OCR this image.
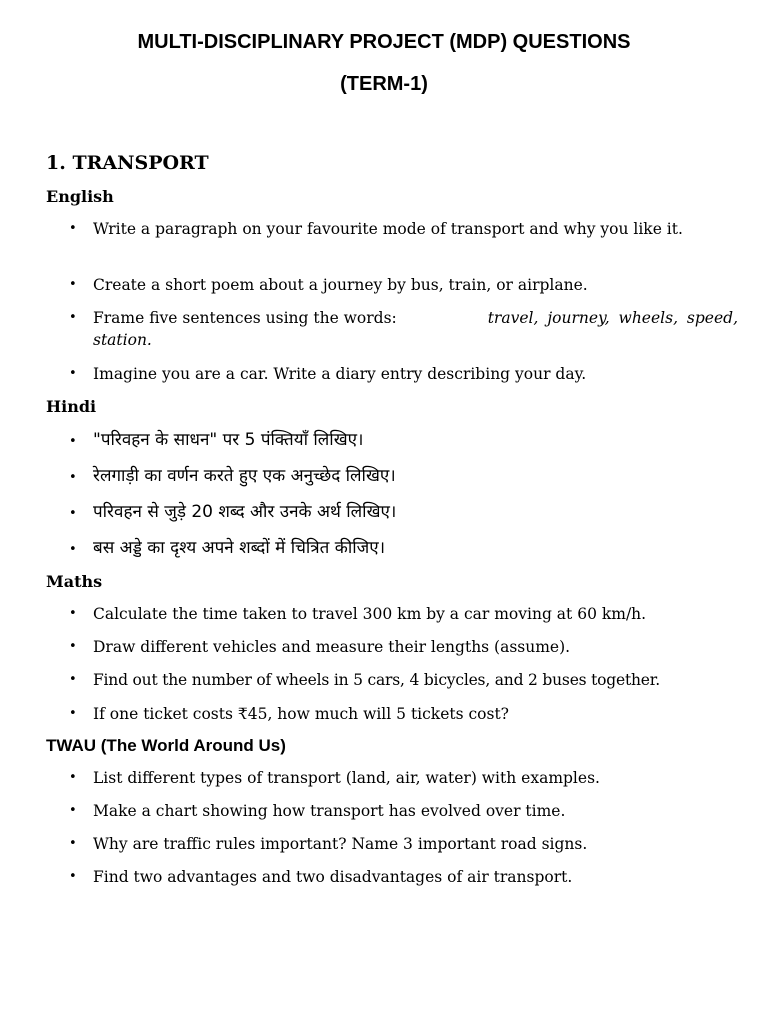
MULTI-DISCIPLINARY PROJECT (MDP) QUESTIONS
(TERM-1)
1. TRANSPORT
English
• Write a paragraph on your favourite mode of transport and why you like it.
• Create a short poem about a journey by bus, train, or airplane.
• Frame five sentences using the words:	travel, journey, wheels, speed,
station.
• Imagine you are a car. Write a diary entry describing your day.
Hindi
• "परिवहन के साधन" पर 5 पंक्तियाँ लिखिए।
• रेलगाड़ी का वर्णन करते हुए एक अनुच्छेद लिखिए।
• परिवहन से जुड़े 20 शब्द और उनके अर्थ लिखिए।
• बस अड्डे का दृश्य अपने शब्दों में चित्रित कीजिए।
Maths
• Calculate the time taken to travel 300 km by a car moving at 60 km/h.
• Draw different vehicles and measure their lengths (assume).
• Find out the number of wheels in 5 cars, 4 bicycles, and 2 buses together.
• If one ticket costs ₹45, how much will 5 tickets cost?
TWAU (The World Around Us)
• List different types of transport (land, air, water) with examples.
• Make a chart showing how transport has evolved over time.
• Why are traffic rules important? Name 3 important road signs.
• Find two advantages and two disadvantages of air transport.
